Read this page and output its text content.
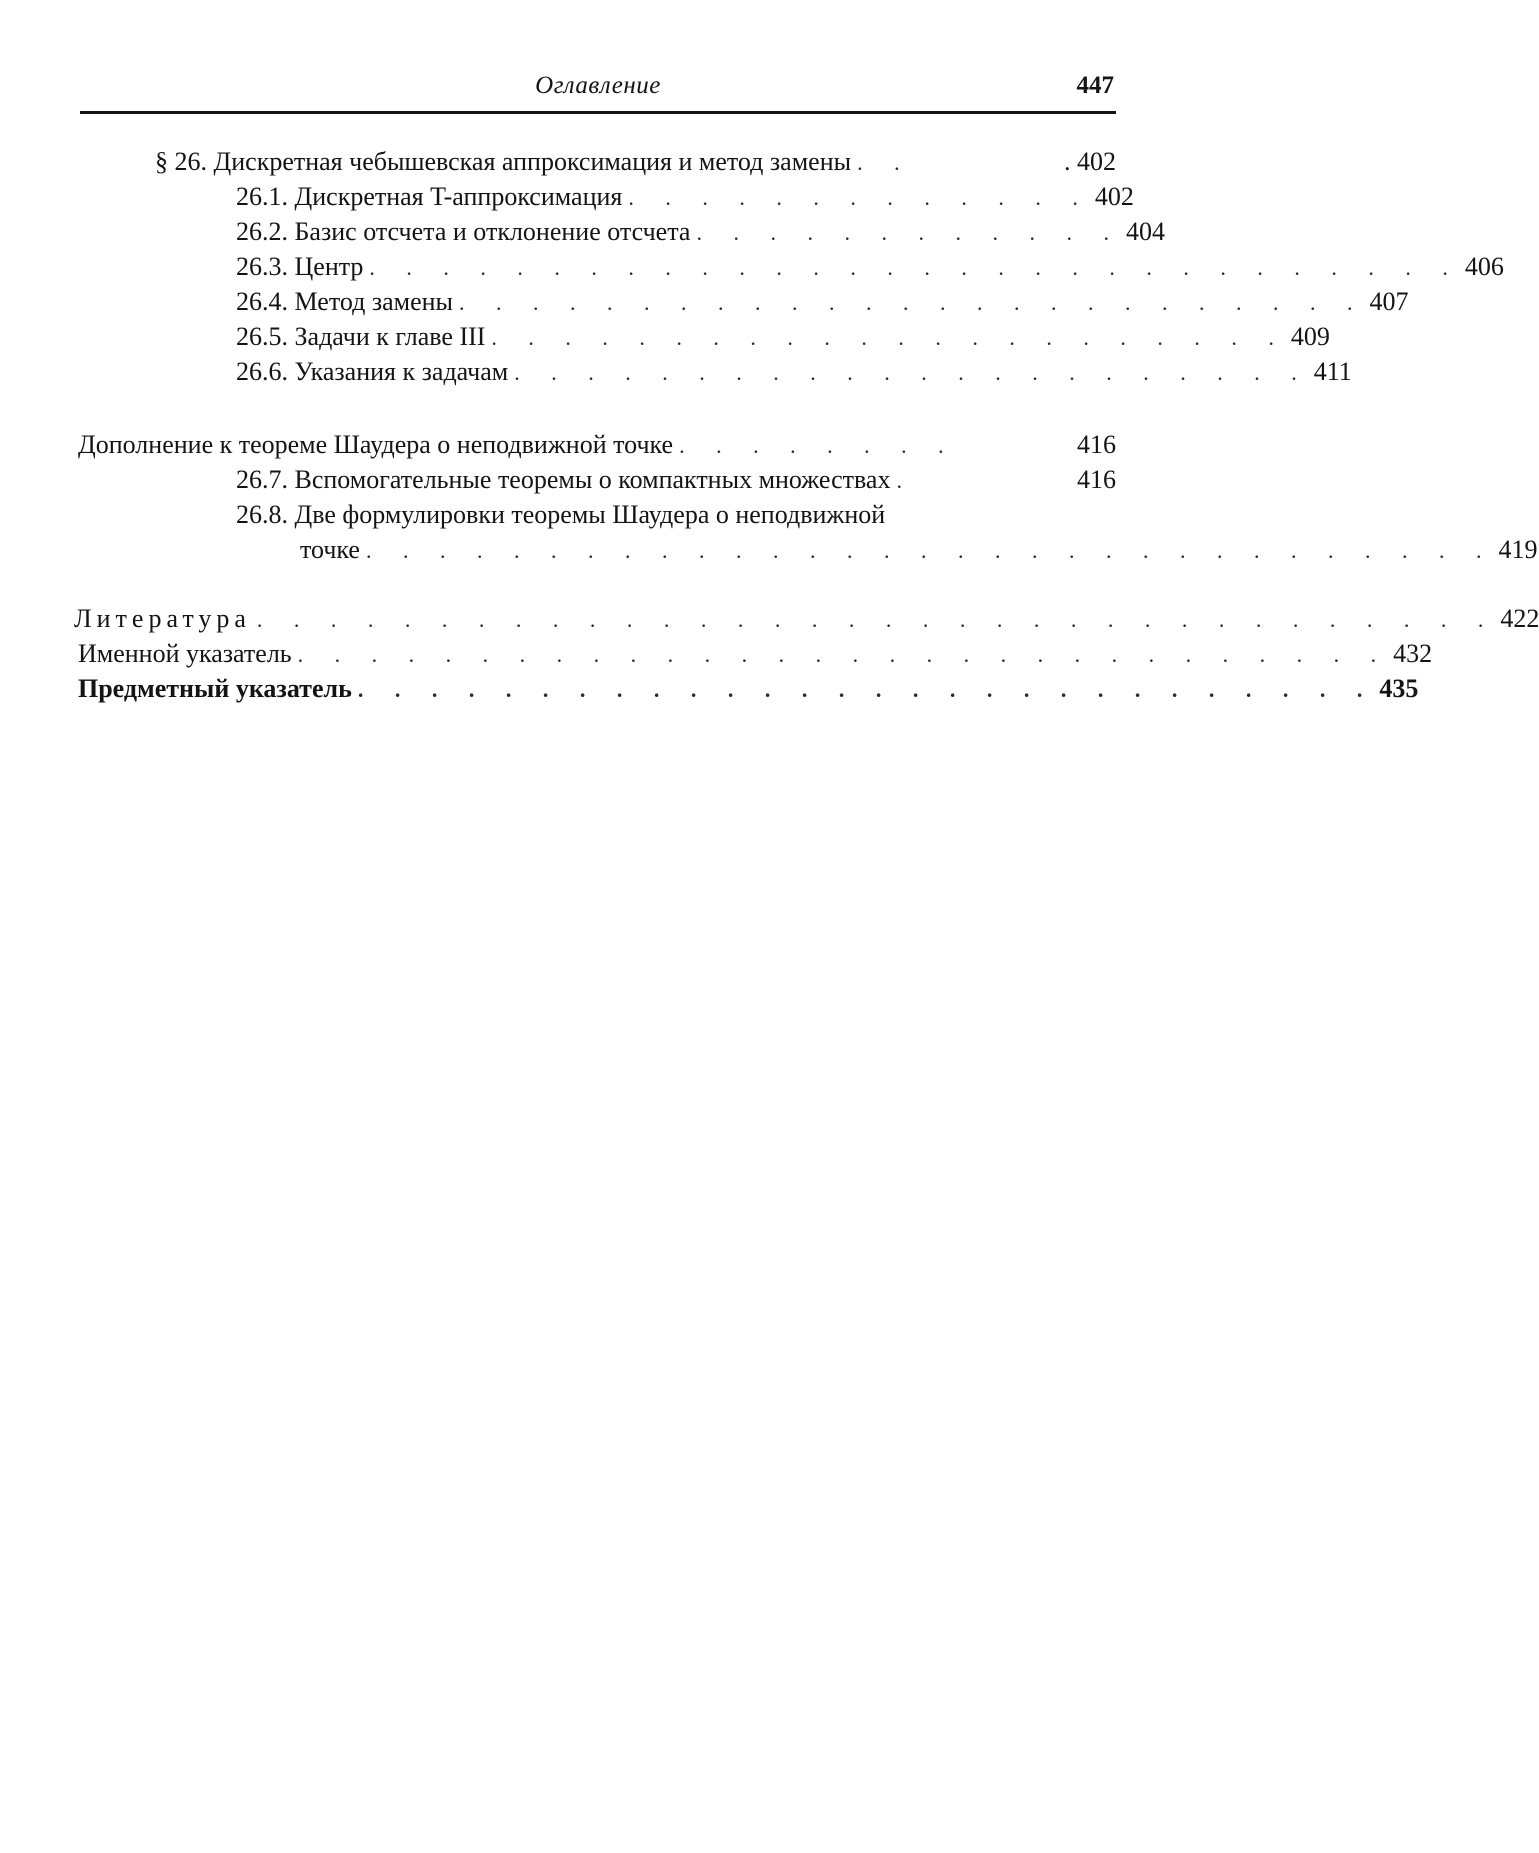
Оглавление	447
§ 26. Дискретная чебышевская аппроксимация и метод замены . .	. 402
26.1. Дискретная T-аппроксимация . . . . . . . . . . . . . 402
26.2. Базис отсчета и отклонение отсчета . . . . . . . . . . . . 404
26.3. Центр . . . . . . . . . . . . . . . . . . . . . . . . . . . . . . 406
26.4. Метод замены . . . . . . . . . . . . . . . . . . . . . . . . . 407
26.5. Задачи к главе III . . . . . . . . . . . . . . . . . . . . . . 409
26.6. Указания к задачам . . . . . . . . . . . . . . . . . . . . . . 411
Дополнение к теореме Шаудера о неподвижной точке . . . . . . . .	416
26.7. Вспомогательные теоремы о компактных множествах .	416
26.8. Две формулировки теоремы Шаудера о неподвижной
точке . . . . . . . . . . . . . . . . . . . . . . . . . . . . . . . 419
Литература . . . . . . . . . . . . . . . . . . . . . . . . . . . . . . . . . . 422
Именной указатель . . . . . . . . . . . . . . . . . . . . . . . . . . . . . . 432
Предметный указатель . . . . . . . . . . . . . . . . . . . . . . . . . . . . 435
